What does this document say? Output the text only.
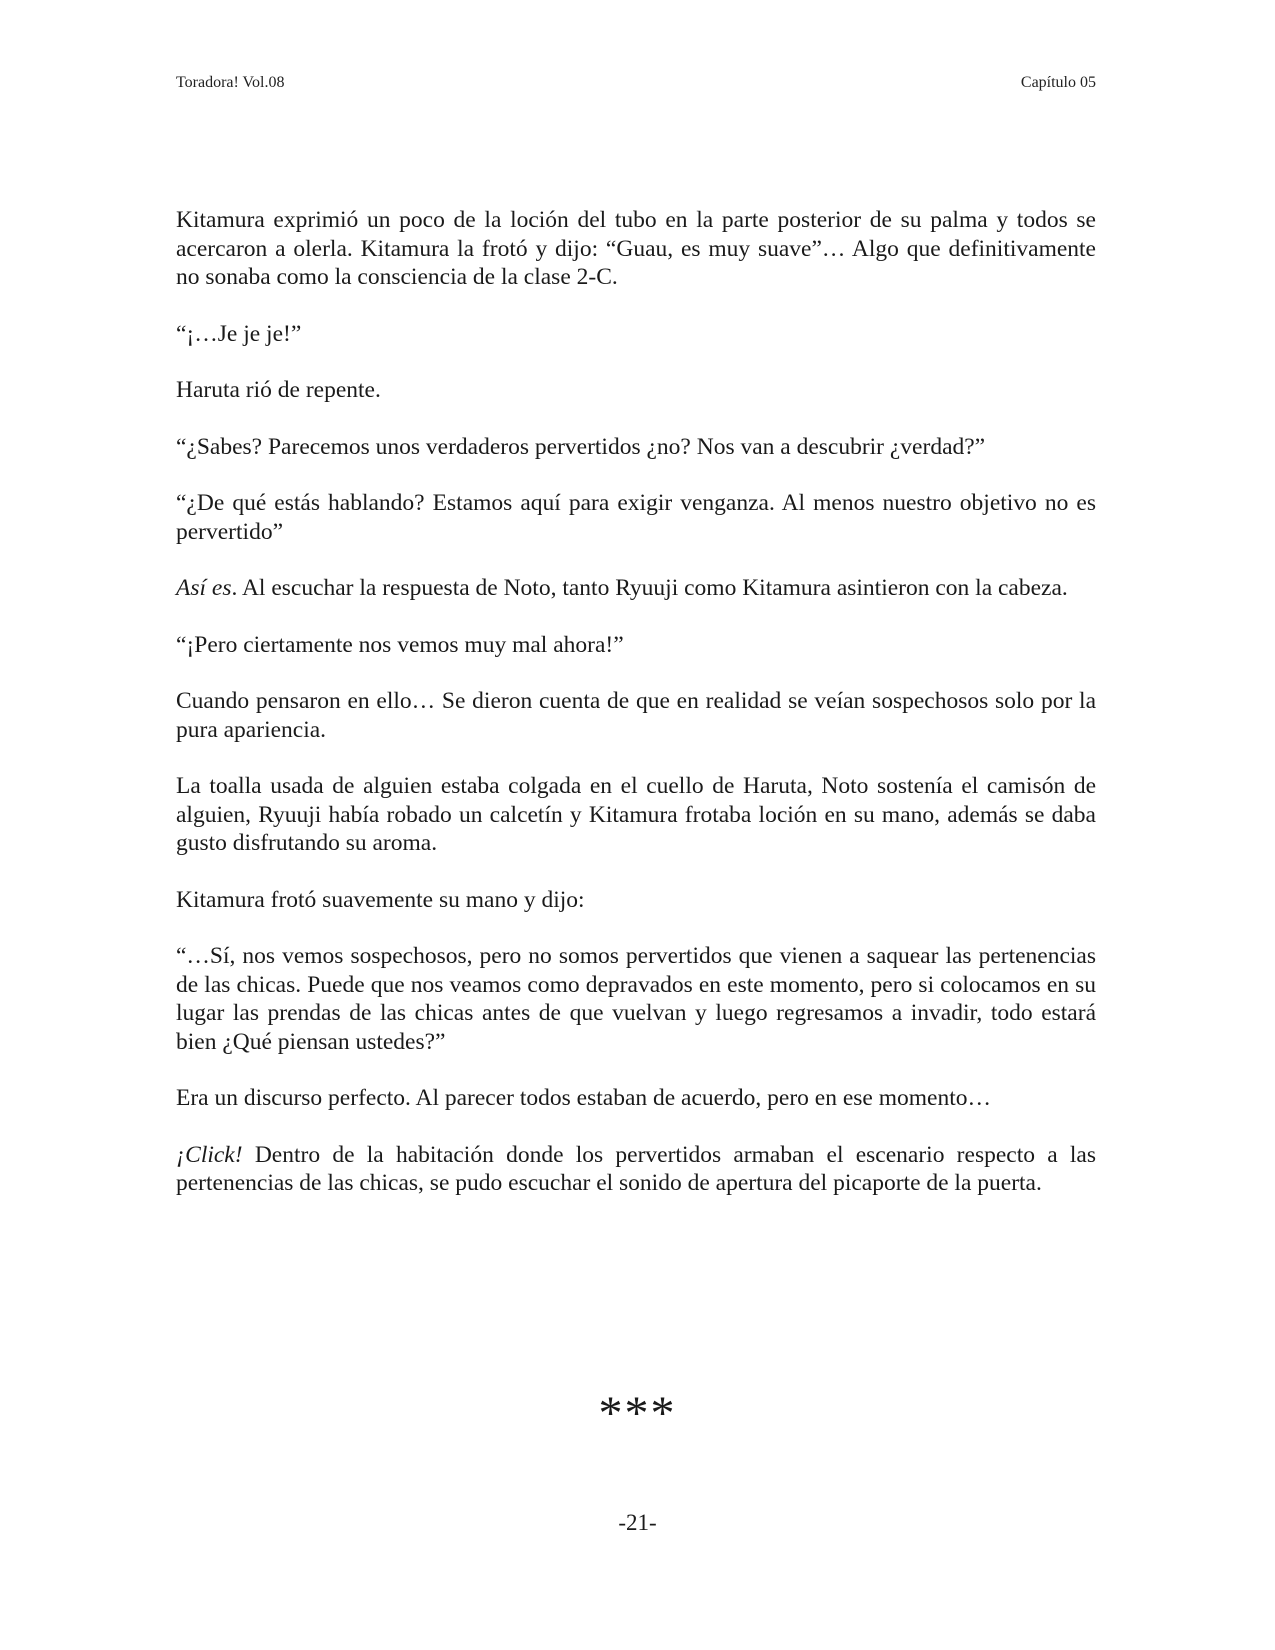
Toradora! Vol.08	Capítulo 05

Kitamura exprimió un poco de la loción del tubo en la parte posterior de su palma y todos se acercaron a olerla. Kitamura la frotó y dijo: “Guau, es muy suave”… Algo que definitivamente no sonaba como la consciencia de la clase 2-C.

“¡…Je je je!”

Haruta rió de repente.

“¿Sabes? Parecemos unos verdaderos pervertidos ¿no? Nos van a descubrir ¿verdad?”

“¿De qué estás hablando? Estamos aquí para exigir venganza. Al menos nuestro objetivo no es pervertido”

Así es. Al escuchar la respuesta de Noto, tanto Ryuuji como Kitamura asintieron con la cabeza.

“¡Pero ciertamente nos vemos muy mal ahora!”

Cuando pensaron en ello… Se dieron cuenta de que en realidad se veían sospechosos solo por la pura apariencia.

La toalla usada de alguien estaba colgada en el cuello de Haruta, Noto sostenía el camisón de alguien, Ryuuji había robado un calcetín y Kitamura frotaba loción en su mano, además se daba gusto disfrutando su aroma.

Kitamura frotó suavemente su mano y dijo:

“…Sí, nos vemos sospechosos, pero no somos pervertidos que vienen a saquear las pertenencias de las chicas. Puede que nos veamos como depravados en este momento, pero si colocamos en su lugar las prendas de las chicas antes de que vuelvan y luego regresamos a invadir, todo estará bien ¿Qué piensan ustedes?”

Era un discurso perfecto. Al parecer todos estaban de acuerdo, pero en ese momento…

¡Click! Dentro de la habitación donde los pervertidos armaban el escenario respecto a las pertenencias de las chicas, se pudo escuchar el sonido de apertura del picaporte de la puerta.

***
-21-
